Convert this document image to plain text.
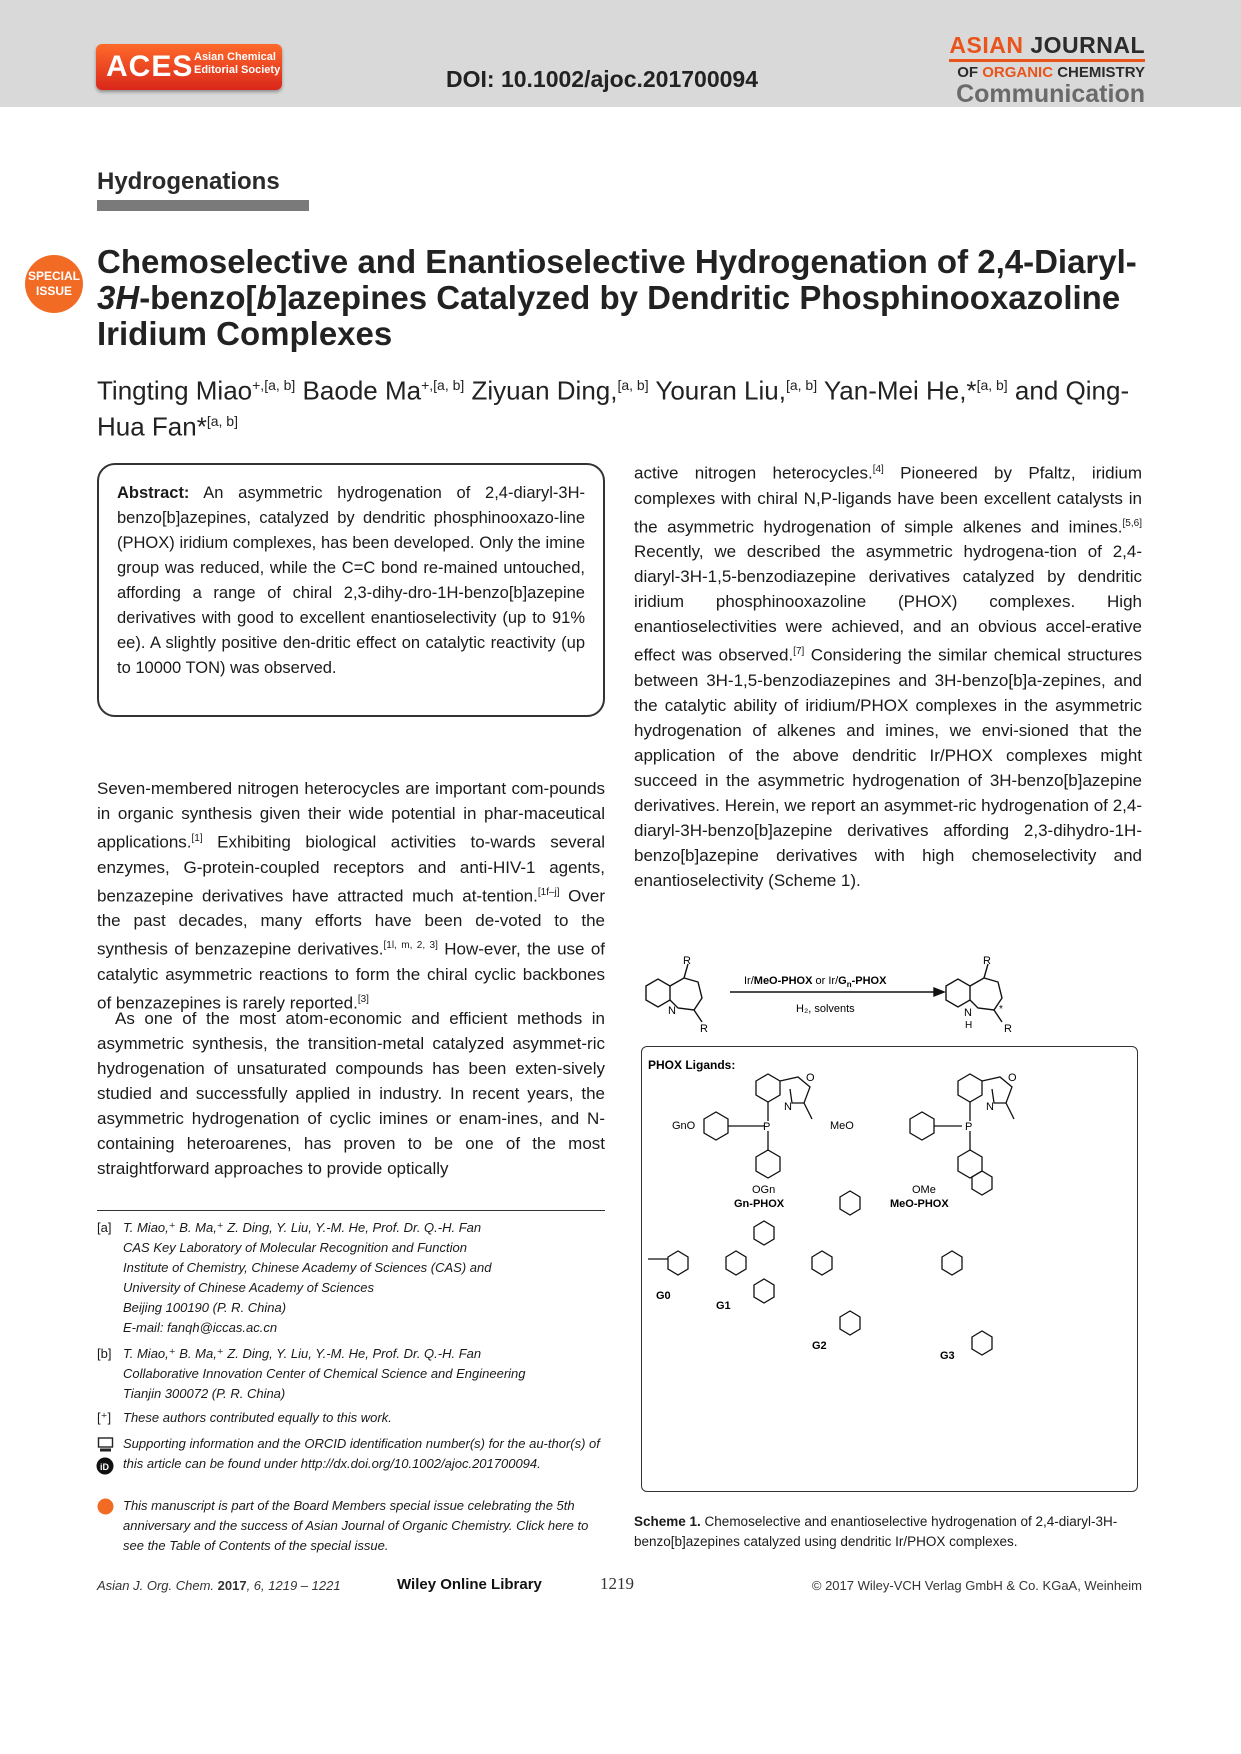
ACES Asian Chemical
Editorial Society	DOI: 10.1002/ajoc.201700094
ASIAN JOURNAL
OF ORGANIC CHEMISTRY
Communication
Hydrogenations
SPECIAL
ISSUE
Chemoselective and Enantioselective Hydrogenation of 2,4-Diaryl-
3H-benzo[b]azepines Catalyzed by Dendritic Phosphinooxazoline
Iridium Complexes
Tingting Miao$^{+,[a, b]}$ Baode $Ma^{+,[a, b]}$ Ziyuan Ding,[a, b] Youran Liu,[a, b] Yan-Mei He,*[a, b] and Qing-
Hua Fan*[a, b]
Abstract: An asymmetric hydrogenation of 2,4-diaryl-3H-benzo[b]azepines, catalyzed by dendritic phosphinooxazo-line (PHOX) iridium complexes, has been developed. Only the imine group was reduced, while the C=C bond re-mained untouched, affording a range of chiral 2,3-dihy-dro-1H-benzo[b]azepine derivatives with good to excellent enantioselectivity (up to 91% ee). A slightly positive den-dritic effect on catalytic reactivity (up to 10000 TON) was observed.
Seven-membered nitrogen heterocycles are important com-pounds in organic synthesis given their wide potential in phar-maceutical applications.[1] Exhibiting biological activities to-wards several enzymes, G-protein-coupled receptors and anti-HIV-1 agents, benzazepine derivatives have attracted much at-tention.[1f–j] Over the past decades, many efforts have been de-voted to the synthesis of benzazepine derivatives.[1l, m, 2, 3] How-ever, the use of catalytic asymmetric reactions to form the chiral cyclic backbones of benzazepines is rarely reported.[3]
As one of the most atom-economic and efficient methods in asymmetric synthesis, the transition-metal catalyzed asymmet-ric hydrogenation of unsaturated compounds has been exten-sively studied and successfully applied in industry. In recent years, the asymmetric hydrogenation of cyclic imines or enam-ines, and N-containing heteroarenes, has proven to be one of the most straightforward approaches to provide optically
active nitrogen heterocycles.[4] Pioneered by Pfaltz, iridium complexes with chiral N,P-ligands have been excellent catalysts in the asymmetric hydrogenation of simple alkenes and imines.[5,6] Recently, we described the asymmetric hydrogena-tion of 2,4-diaryl-3H-1,5-benzodiazepine derivatives catalyzed by dendritic iridium phosphinooxazoline (PHOX) complexes. High enantioselectivities were achieved, and an obvious accel-erative effect was observed.[7] Considering the similar chemical structures between 3H-1,5-benzodiazepines and 3H-benzo[b]a-zepines, and the catalytic ability of iridium/PHOX complexes in the asymmetric hydrogenation of alkenes and imines, we envi-sioned that the application of the above dendritic Ir/PHOX complexes might succeed in the asymmetric hydrogenation of 3H-benzo[b]azepine derivatives. Herein, we report an asymmet-ric hydrogenation of 2,4-diaryl-3H-benzo[b]azepine derivatives affording 2,3-dihydro-1H-benzo[b]azepine derivatives with high chemoselectivity and enantioselectivity (Scheme 1).
R
N
R
Ir/MeO-PHOX or $Ir/G_n$-PHOX
H₂, solvents
R
N
H
*
R
PHOX Ligands:
GnO	P
O
N
OGn
Gn-PHOX
MeO	P
O
N
OMe
MeO-PHOX
G0
G1
G2
G3
Scheme 1. Chemoselective and enantioselective hydrogenation of 2,4-diaryl-3H-benzo[b]azepines catalyzed using dendritic Ir/PHOX complexes.
[a] T. Miao,⁺ B. Ma,⁺ Z. Ding, Y. Liu, Y.-M. He, Prof. Dr. Q.-H. Fan
CAS Key Laboratory of Molecular Recognition and Function
Institute of Chemistry, Chinese Academy of Sciences (CAS) and
University of Chinese Academy of Sciences
Beijing 100190 (P. R. China)
E-mail: fanqh@iccas.ac.cn
[b] T. Miao,⁺ B. Ma,⁺ Z. Ding, Y. Liu, Y.-M. He, Prof. Dr. Q.-H. Fan
Collaborative Innovation Center of Chemical Science and Engineering
Tianjin 300072 (P. R. China)
[⁺] These authors contributed equally to this work.
Supporting information and the ORCID identification number(s) for the au-thor(s) of this article can be found under http://dx.doi.org/10.1002/ajoc.201700094.
iD
This manuscript is part of the Board Members special issue celebrating the 5th anniversary and the success of Asian Journal of Organic Chemistry. Click here to see the Table of Contents of the special issue.
Asian J. Org. Chem. 2017, 6, 1219 – 1221	Wiley Online Library	1219	© 2017 Wiley-VCH Verlag GmbH & Co. KGaA, Weinheim
